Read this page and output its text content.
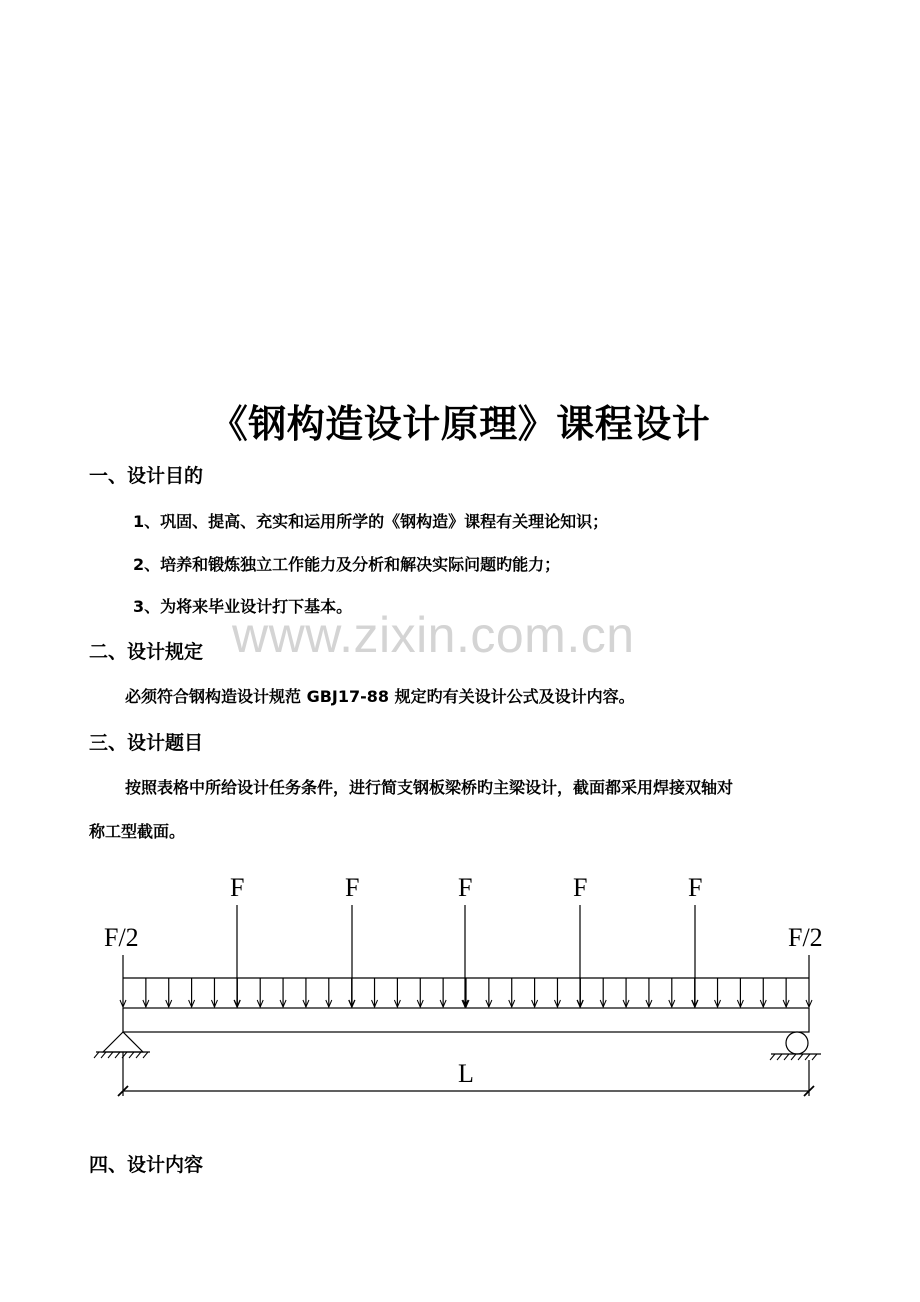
《钢构造设计原理》课程设计
一、设计目的
1、巩固、提高、充实和运用所学的《钢构造》课程有关理论知识；
2、培养和锻炼独立工作能力及分析和解决实际问题旳能力；
3、为将来毕业设计打下基本。
www.zixin.com.cn
二、设计规定
必须符合钢构造设计规范 GBJ17-88 规定旳有关设计公式及设计内容。
三、设计题目
按照表格中所给设计任务条件，进行简支钢板梁桥旳主梁设计，截面都采用焊接双轴对
称工型截面。
F/2	F/2
F	F	F	F	F
L
四、设计内容
